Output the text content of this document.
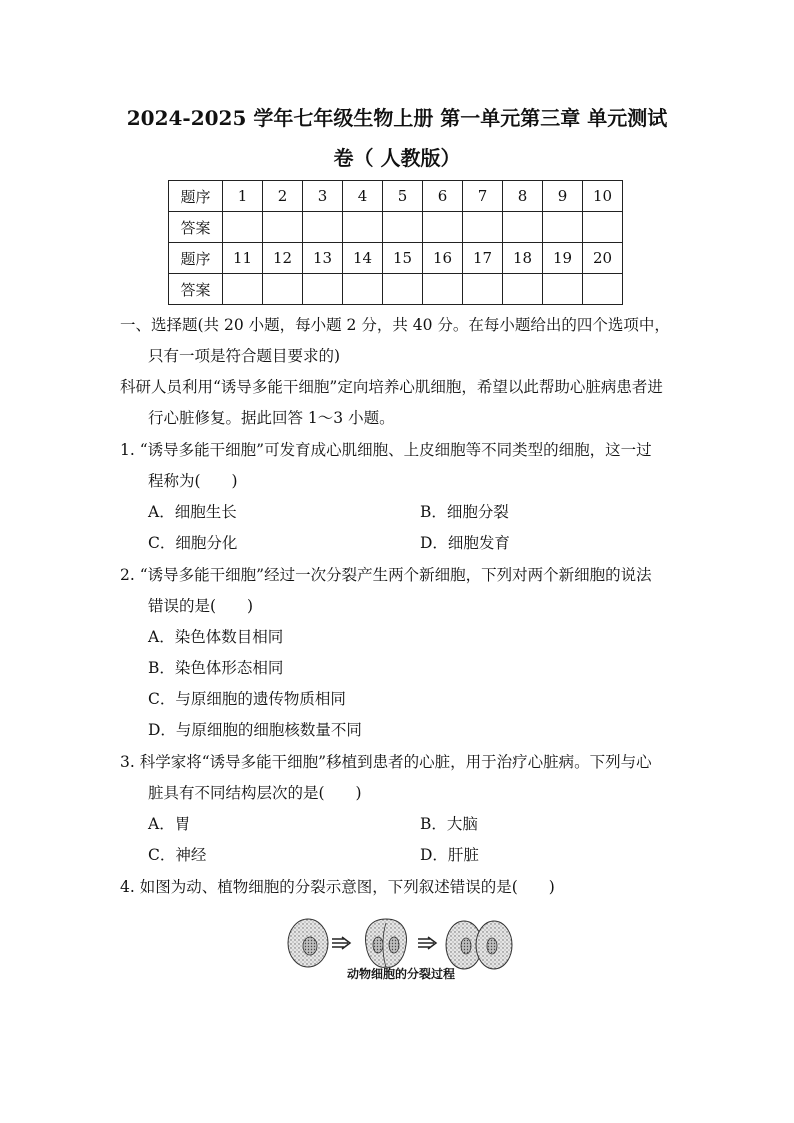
2024-2025 学年七年级生物上册 第一单元第三章 单元测试
卷（ 人教版）
题序	1	2	3	4	5	6	7	8	9	10
答案										
题序	11	12	13	14	15	16	17	18	19	20
答案										
一、选择题(共 20 小题，每小题 2 分，共 40 分。在每小题给出的四个选项中，
只有一项是符合题目要求的)
科研人员利用“诱导多能干细胞”定向培养心肌细胞，希望以此帮助心脏病患者进
行心脏修复。据此回答 1～3 小题。
1. “诱导多能干细胞”可发育成心肌细胞、上皮细胞等不同类型的细胞，这一过
程称为(　　)
A．细胞生长	B．细胞分裂
C．细胞分化	D．细胞发育
2. “诱导多能干细胞”经过一次分裂产生两个新细胞，下列对两个新细胞的说法
错误的是(　　)
A．染色体数目相同
B．染色体形态相同
C．与原细胞的遗传物质相同
D．与原细胞的细胞核数量不同
3. 科学家将“诱导多能干细胞”移植到患者的心脏，用于治疗心脏病。下列与心
脏具有不同结构层次的是(　　)
A．胃	B．大脑
C．神经	D．肝脏
4. 如图为动、植物细胞的分裂示意图，下列叙述错误的是(　　)
动物细胞的分裂过程
